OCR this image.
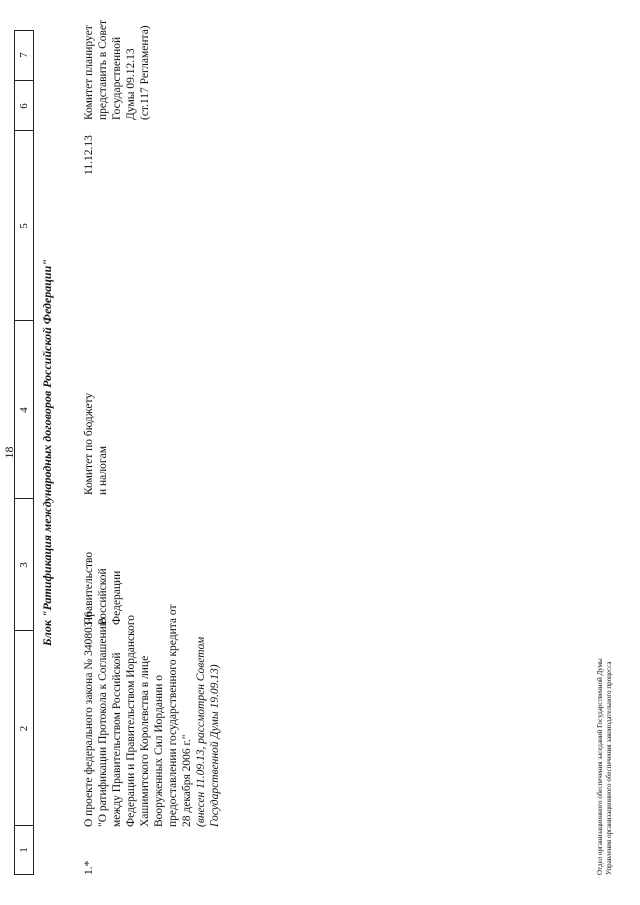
18
1
2
3
4
5
6
7
Блок "Ратификация международных договоров Российской Федерации"
1.*
О проекте федерального закона № 340803-6 "О ратификации Протокола к Соглашению между Правительством Российской Федерации и Правительством Иорданского Хашимитского Королевства в лице Вооруженных Сил Иордании о предоставлении государственного кредита от 28 декабря 2006 г." (внесен 11.09.13, рассмотрен Советом Государственной Думы 19.09.13)
Правительство Российской Федерации
Комитет по бюджету и налогам
11.12.13
Комитет планирует представить в Совет Государственной Думы 09.12.13 (ст.117 Регламента)
Отдел организационного обеспечения заседаний Государственной Думы Управления организационного обеспечения законодательного процесса
